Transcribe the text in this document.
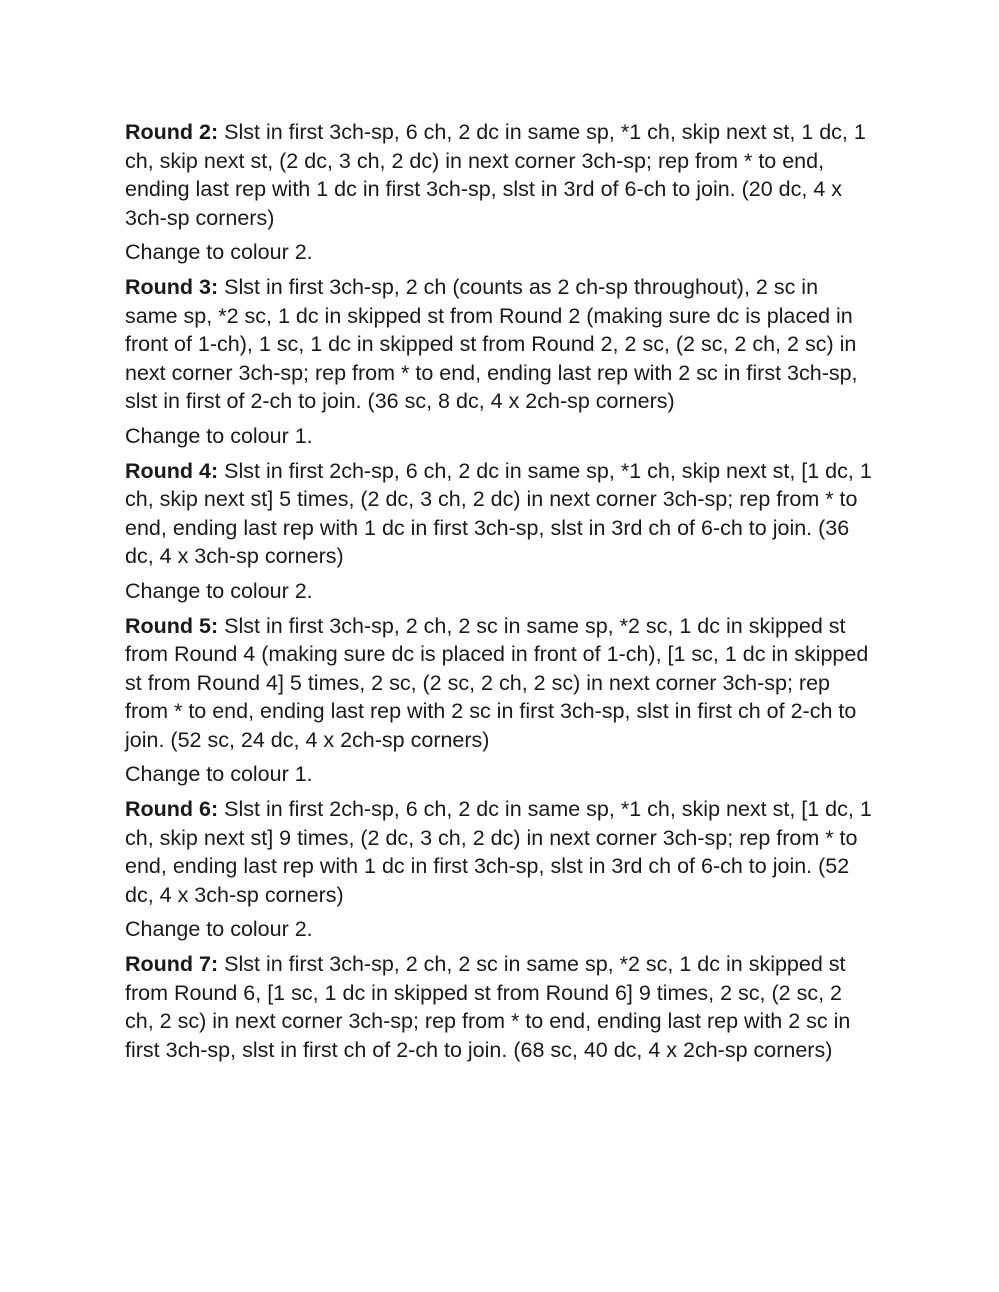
Round 2: Slst in first 3ch-sp, 6 ch, 2 dc in same sp, *1 ch, skip next st, 1 dc, 1 ch, skip next st, (2 dc, 3 ch, 2 dc) in next corner 3ch-sp; rep from * to end, ending last rep with 1 dc in first 3ch-sp, slst in 3rd of 6-ch to join. (20 dc, 4 x 3ch-sp corners)

Change to colour 2.

Round 3: Slst in first 3ch-sp, 2 ch (counts as 2 ch-sp throughout), 2 sc in same sp, *2 sc, 1 dc in skipped st from Round 2 (making sure dc is placed in front of 1-ch), 1 sc, 1 dc in skipped st from Round 2, 2 sc, (2 sc, 2 ch, 2 sc) in next corner 3ch-sp; rep from * to end, ending last rep with 2 sc in first 3ch-sp, slst in first of 2-ch to join. (36 sc, 8 dc, 4 x 2ch-sp corners)

Change to colour 1.

Round 4: Slst in first 2ch-sp, 6 ch, 2 dc in same sp, *1 ch, skip next st, [1 dc, 1 ch, skip next st] 5 times, (2 dc, 3 ch, 2 dc) in next corner 3ch-sp; rep from * to end, ending last rep with 1 dc in first 3ch-sp, slst in 3rd ch of 6-ch to join. (36 dc, 4 x 3ch-sp corners)

Change to colour 2.

Round 5: Slst in first 3ch-sp, 2 ch, 2 sc in same sp, *2 sc, 1 dc in skipped st from Round 4 (making sure dc is placed in front of 1-ch), [1 sc, 1 dc in skipped st from Round 4] 5 times, 2 sc, (2 sc, 2 ch, 2 sc) in next corner 3ch-sp; rep from * to end, ending last rep with 2 sc in first 3ch-sp, slst in first ch of 2-ch to join. (52 sc, 24 dc, 4 x 2ch-sp corners)

Change to colour 1.

Round 6: Slst in first 2ch-sp, 6 ch, 2 dc in same sp, *1 ch, skip next st, [1 dc, 1 ch, skip next st] 9 times, (2 dc, 3 ch, 2 dc) in next corner 3ch-sp; rep from * to end, ending last rep with 1 dc in first 3ch-sp, slst in 3rd ch of 6-ch to join. (52 dc, 4 x 3ch-sp corners)

Change to colour 2.

Round 7: Slst in first 3ch-sp, 2 ch, 2 sc in same sp, *2 sc, 1 dc in skipped st from Round 6, [1 sc, 1 dc in skipped st from Round 6] 9 times, 2 sc, (2 sc, 2 ch, 2 sc) in next corner 3ch-sp; rep from * to end, ending last rep with 2 sc in first 3ch-sp, slst in first ch of 2-ch to join. (68 sc, 40 dc, 4 x 2ch-sp corners)
